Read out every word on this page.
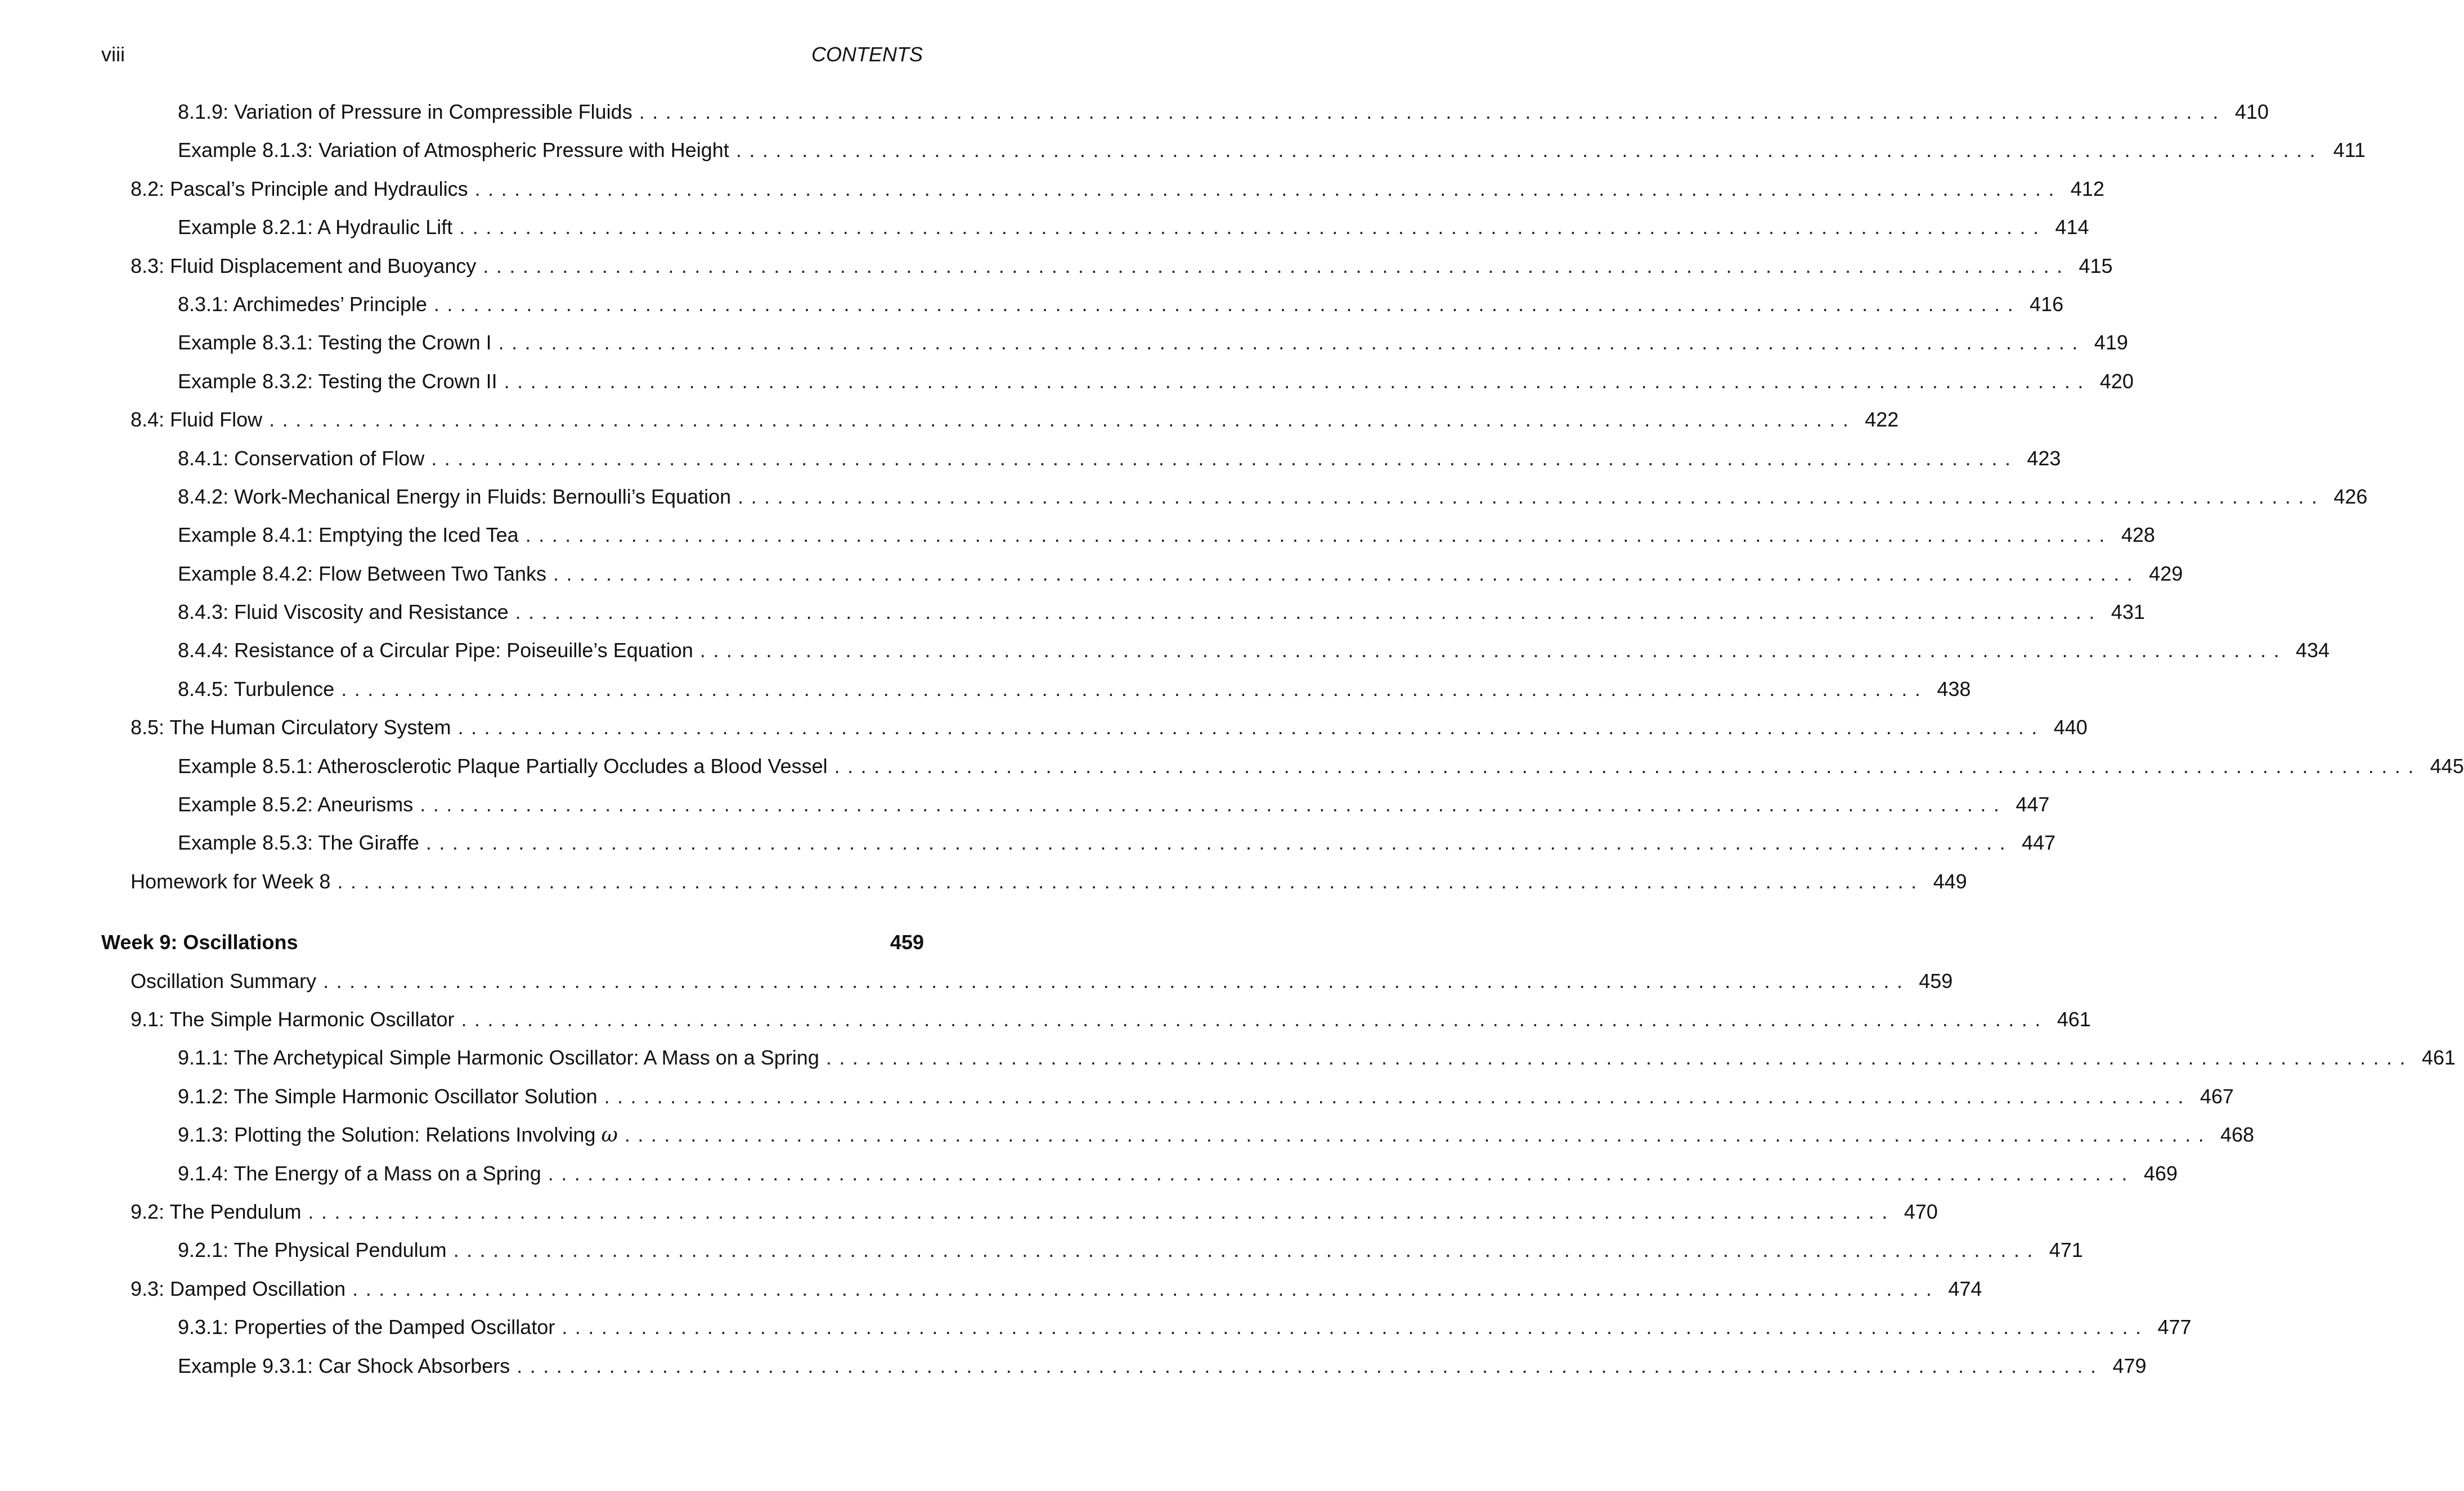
viii	CONTENTS
8.1.9: Variation of Pressure in Compressible Fluids ........................................................................................................................ 410
Example 8.1.3: Variation of Atmospheric Pressure with Height ........................................................................................................................ 411
8.2: Pascal’s Principle and Hydraulics ........................................................................................................................ 412
Example 8.2.1: A Hydraulic Lift ........................................................................................................................ 414
8.3: Fluid Displacement and Buoyancy ........................................................................................................................ 415
8.3.1: Archimedes’ Principle ........................................................................................................................ 416
Example 8.3.1: Testing the Crown I ........................................................................................................................ 419
Example 8.3.2: Testing the Crown II ........................................................................................................................ 420
8.4: Fluid Flow ........................................................................................................................ 422
8.4.1: Conservation of Flow ........................................................................................................................ 423
8.4.2: Work-Mechanical Energy in Fluids: Bernoulli’s Equation ........................................................................................................................ 426
Example 8.4.1: Emptying the Iced Tea ........................................................................................................................ 428
Example 8.4.2: Flow Between Two Tanks ........................................................................................................................ 429
8.4.3: Fluid Viscosity and Resistance ........................................................................................................................ 431
8.4.4: Resistance of a Circular Pipe: Poiseuille’s Equation ........................................................................................................................ 434
8.4.5: Turbulence ........................................................................................................................ 438
8.5: The Human Circulatory System ........................................................................................................................ 440
Example 8.5.1: Atherosclerotic Plaque Partially Occludes a Blood Vessel ........................................................................................................................ 445
Example 8.5.2: Aneurisms ........................................................................................................................ 447
Example 8.5.3: The Giraffe ........................................................................................................................ 447
Homework for Week 8 ........................................................................................................................ 449
Week 9: Oscillations	459
Oscillation Summary ........................................................................................................................ 459
9.1: The Simple Harmonic Oscillator ........................................................................................................................ 461
9.1.1: The Archetypical Simple Harmonic Oscillator: A Mass on a Spring ........................................................................................................................ 461
9.1.2: The Simple Harmonic Oscillator Solution ........................................................................................................................ 467
9.1.3: Plotting the Solution: Relations Involving ω ........................................................................................................................ 468
9.1.4: The Energy of a Mass on a Spring ........................................................................................................................ 469
9.2: The Pendulum ........................................................................................................................ 470
9.2.1: The Physical Pendulum ........................................................................................................................ 471
9.3: Damped Oscillation ........................................................................................................................ 474
9.3.1: Properties of the Damped Oscillator ........................................................................................................................ 477
Example 9.3.1: Car Shock Absorbers ........................................................................................................................ 479
